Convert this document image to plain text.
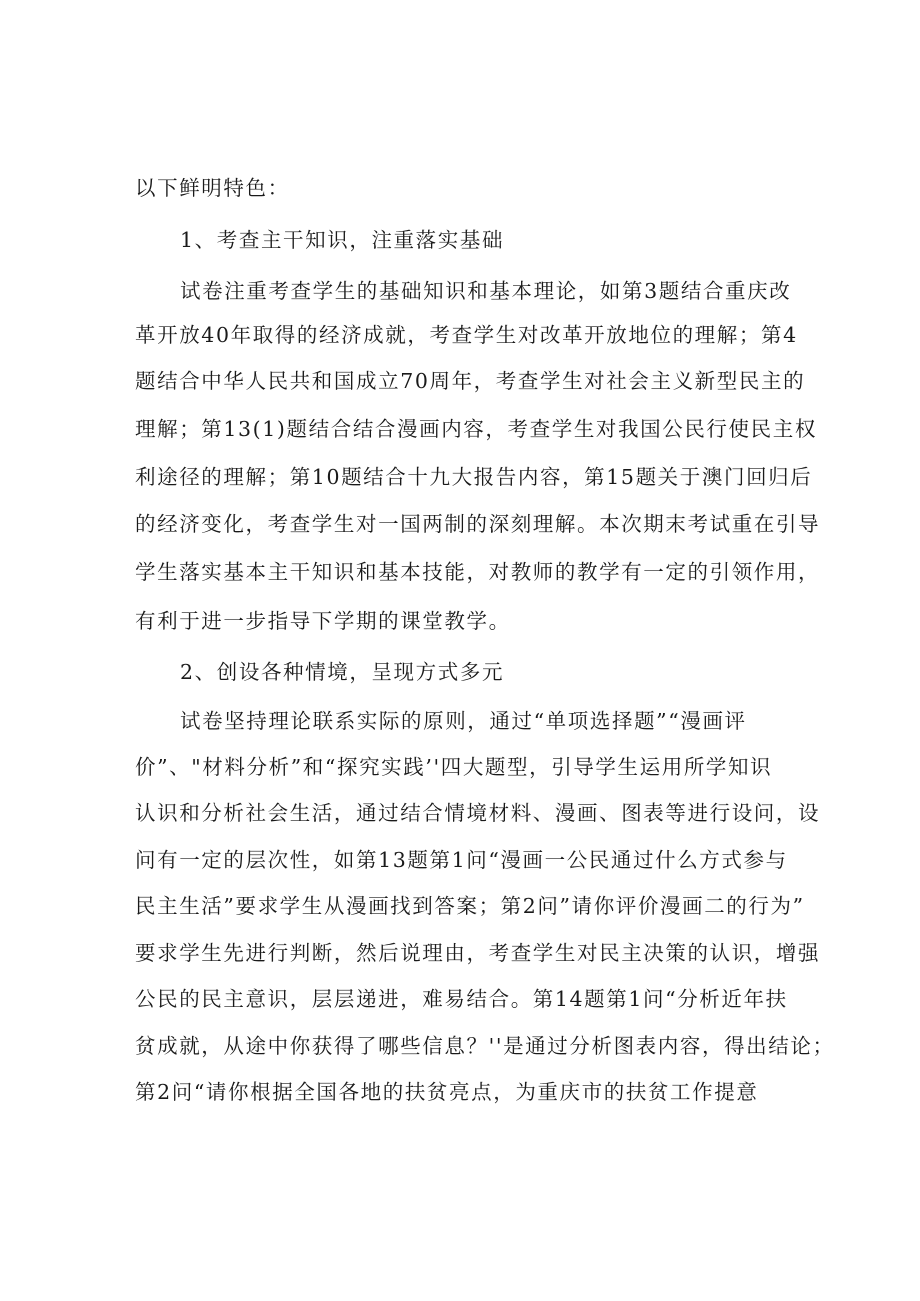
以下鲜明特色：
1、考查主干知识，注重落实基础
试卷注重考查学生的基础知识和基本理论，如第3题结合重庆改
革开放40年取得的经济成就，考查学生对改革开放地位的理解；第4
题结合中华人民共和国成立70周年，考查学生对社会主义新型民主的
理解；第13(1)题结合结合漫画内容，考查学生对我国公民行使民主权
利途径的理解；第10题结合十九大报告内容，第15题关于澳门回归后
的经济变化，考查学生对一国两制的深刻理解。本次期末考试重在引导
学生落实基本主干知识和基本技能，对教师的教学有一定的引领作用，
有利于进一步指导下学期的课堂教学。
2、创设各种情境，呈现方式多元
试卷坚持理论联系实际的原则，通过“单项选择题”“漫画评
价”、"材料分析”和“探究实践’'四大题型，引导学生运用所学知识
认识和分析社会生活，通过结合情境材料、漫画、图表等进行设问，设
问有一定的层次性，如第13题第1问“漫画一公民通过什么方式参与
民主生活”要求学生从漫画找到答案；第2问”请你评价漫画二的行为”
要求学生先进行判断，然后说理由，考查学生对民主决策的认识，增强
公民的民主意识，层层递进，难易结合。第14题第1问“分析近年扶
贫成就，从途中你获得了哪些信息？''是通过分析图表内容，得出结论；
第2问“请你根据全国各地的扶贫亮点，为重庆市的扶贫工作提意
